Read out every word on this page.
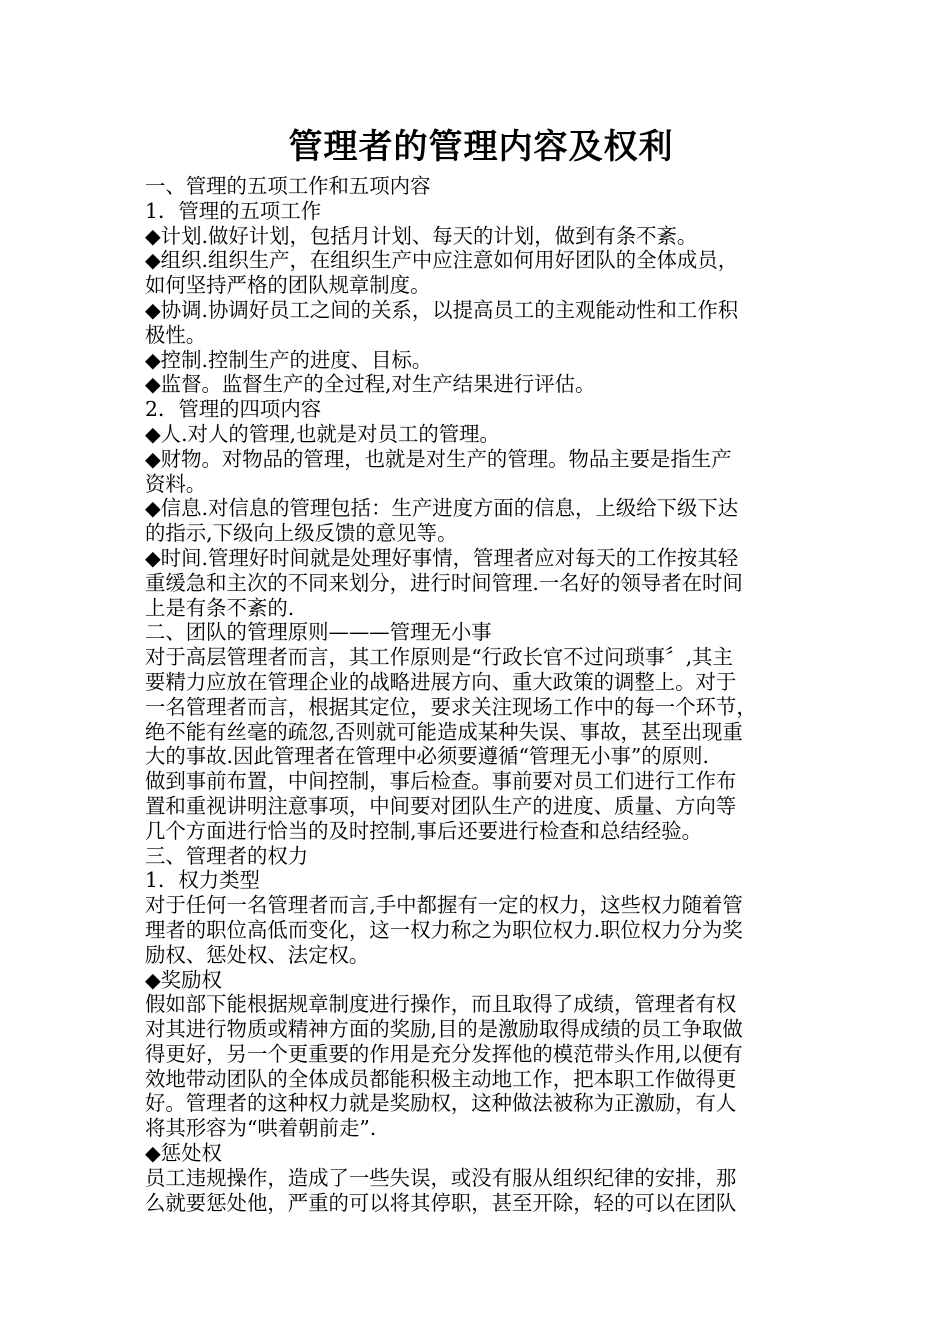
管理者的管理内容及权利
一、管理的五项工作和五项内容
1．管理的五项工作
◆计划.做好计划，包括月计划、每天的计划，做到有条不紊。
◆组织.组织生产，在组织生产中应注意如何用好团队的全体成员，
如何坚持严格的团队规章制度。
◆协调.协调好员工之间的关系，以提高员工的主观能动性和工作积
极性。
◆控制.控制生产的进度、目标。
◆监督。监督生产的全过程,对生产结果进行评估。
2．管理的四项内容
◆人.对人的管理,也就是对员工的管理。
◆财物。对物品的管理，也就是对生产的管理。物品主要是指生产
资料。
◆信息.对信息的管理包括：生产进度方面的信息，上级给下级下达
的指示,下级向上级反馈的意见等。
◆时间.管理好时间就是处理好事情，管理者应对每天的工作按其轻
重缓急和主次的不同来划分，进行时间管理.一名好的领导者在时间
上是有条不紊的.
二、团队的管理原则———管理无小事
对于高层管理者而言，其工作原则是“行政长官不过问琐事〞,其主
要精力应放在管理企业的战略进展方向、重大政策的调整上。对于
一名管理者而言，根据其定位，要求关注现场工作中的每一个环节，
绝不能有丝毫的疏忽,否则就可能造成某种失误、事故，甚至出现重
大的事故.因此管理者在管理中必须要遵循“管理无小事”的原则.
做到事前布置，中间控制，事后检查。事前要对员工们进行工作布
置和重视讲明注意事项，中间要对团队生产的进度、质量、方向等
几个方面进行恰当的及时控制,事后还要进行检查和总结经验。
三、管理者的权力
1．权力类型
对于任何一名管理者而言,手中都握有一定的权力，这些权力随着管
理者的职位高低而变化，这一权力称之为职位权力.职位权力分为奖
励权、惩处权、法定权。
◆奖励权
假如部下能根据规章制度进行操作，而且取得了成绩，管理者有权
对其进行物质或精神方面的奖励,目的是激励取得成绩的员工争取做
得更好，另一个更重要的作用是充分发挥他的模范带头作用,以便有
效地带动团队的全体成员都能积极主动地工作，把本职工作做得更
好。管理者的这种权力就是奖励权，这种做法被称为正激励，有人
将其形容为“哄着朝前走”.
◆惩处权
员工违规操作，造成了一些失误，或没有服从组织纪律的安排，那
么就要惩处他，严重的可以将其停职，甚至开除，轻的可以在团队
